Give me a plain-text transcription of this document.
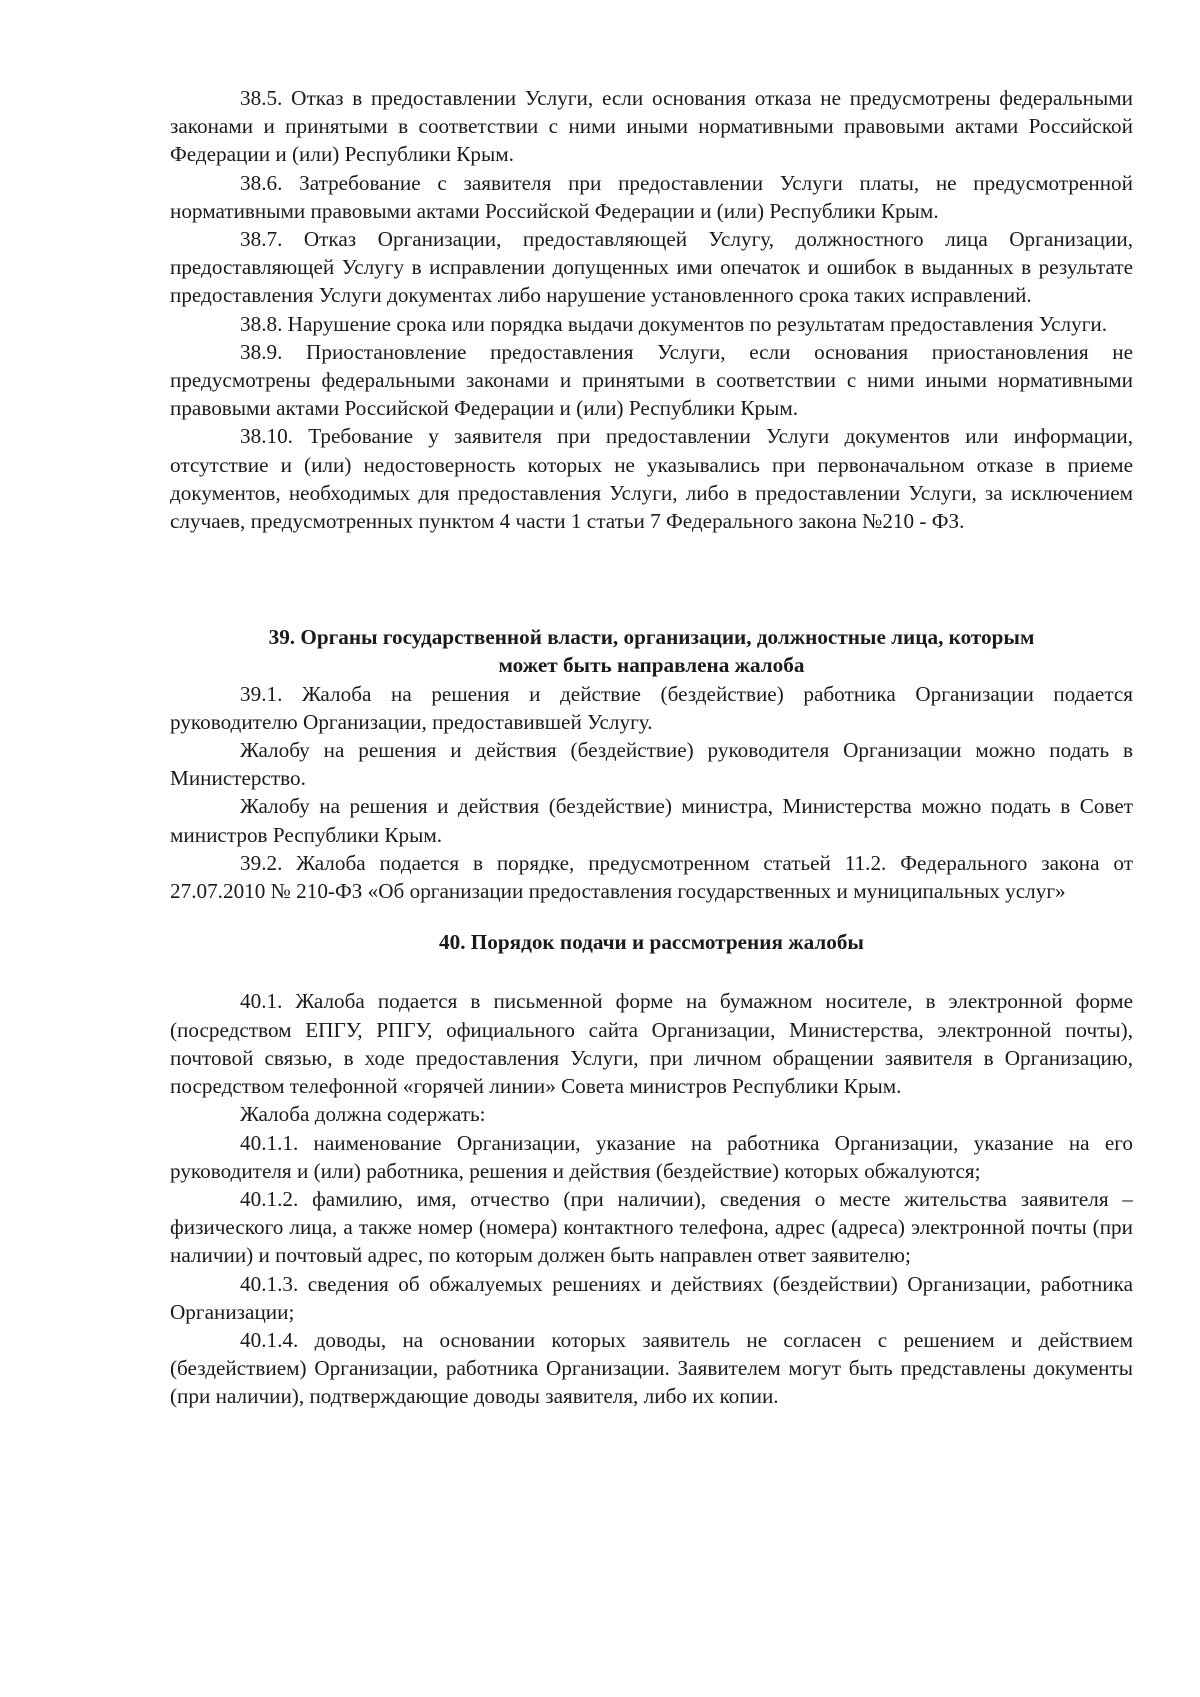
38.5. Отказ в предоставлении Услуги, если основания отказа не предусмотрены федеральными законами и принятыми в соответствии с ними иными нормативными правовыми актами Российской Федерации и (или) Республики Крым.

38.6. Затребование с заявителя при предоставлении Услуги платы, не предусмотренной нормативными правовыми актами Российской Федерации и (или) Республики Крым.

38.7. Отказ Организации, предоставляющей Услугу, должностного лица Организации, предоставляющей Услугу в исправлении допущенных ими опечаток и ошибок в выданных в результате предоставления Услуги документах либо нарушение установленного срока таких исправлений.

38.8. Нарушение срока или порядка выдачи документов по результатам предоставления Услуги.

38.9. Приостановление предоставления Услуги, если основания приостановления не предусмотрены федеральными законами и принятыми в соответствии с ними иными нормативными правовыми актами Российской Федерации и (или) Республики Крым.

38.10. Требование у заявителя при предоставлении Услуги документов или информации, отсутствие и (или) недостоверность которых не указывались при первоначальном отказе в приеме документов, необходимых для предоставления Услуги, либо в предоставлении Услуги, за исключением случаев, предусмотренных пунктом 4 части 1 статьи 7 Федерального закона №210 - ФЗ.

39. Органы государственной власти, организации, должностные лица, которым

может быть направлена жалоба

39.1. Жалоба на решения и действие (бездействие) работника Организации подается руководителю Организации, предоставившей Услугу.

Жалобу на решения и действия (бездействие) руководителя Организации можно подать в Министерство.

Жалобу на решения и действия (бездействие) министра, Министерства можно подать в Совет министров Республики Крым.

39.2. Жалоба подается в порядке, предусмотренном статьей 11.2. Федерального закона от 27.07.2010 № 210-ФЗ «Об организации предоставления государственных и муниципальных услуг»

40. Порядок подачи и рассмотрения жалобы

40.1. Жалоба подается в письменной форме на бумажном носителе, в электронной форме (посредством ЕПГУ, РПГУ, официального сайта Организации, Министерства, электронной почты), почтовой связью, в ходе предоставления Услуги, при личном обращении заявителя в Организацию, посредством телефонной «горячей линии» Совета министров Республики Крым.

Жалоба должна содержать:

40.1.1. наименование Организации, указание на работника Организации, указание на его руководителя и (или) работника, решения и действия (бездействие) которых обжалуются;

40.1.2. фамилию, имя, отчество (при наличии), сведения о месте жительства заявителя – физического лица, а также номер (номера) контактного телефона, адрес (адреса) электронной почты (при наличии) и почтовый адрес, по которым должен быть направлен ответ заявителю;

40.1.3. сведения об обжалуемых решениях и действиях (бездействии) Организации, работника Организации;

40.1.4. доводы, на основании которых заявитель не согласен с решением и действием (бездействием) Организации, работника Организации. Заявителем могут быть представлены документы (при наличии), подтверждающие доводы заявителя, либо их копии.
